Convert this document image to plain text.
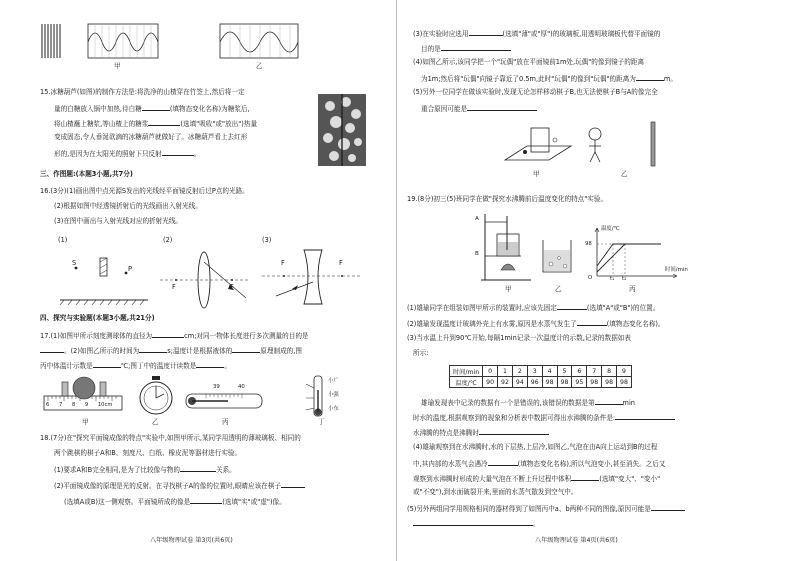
甲	乙
15.冰糖葫芦(如图)的制作方法是:将洗净的山楂穿在竹签上,然后将一定
量的白糖放入锅中加热,待白糖	(填物态变化名称)为糖浆后,
将山楂蘸上糖浆,等山楂上的糖浆	(选填"吸收"或"放出")热量
变成固态,令人垂涎欲滴的冰糖葫芦就做好了。冰糖葫芦看上去红形
形的,是因为在太阳光的照射下只反射	。
三、作图题:(本题3小题,共7分)
16.(3分)(1)画出图中点光源S发出的光线经平面镜反射后过P点的光路。
(2)根据如图中经透镜折射后的光线画出入射光线。
(3)在图中画出与入射光线对应的折射光线。
(1)	(2)	(3)
S
P
F	F
F	F
四、探究与实验题(本题3小题,共21分)
17.(1)如图甲所示刻度测球体的直径为	cm;对同一物体长度进行多次测量的目的是
。(2)如图乙所示的时间为	s;温度计是根据液体的	原理制成的,图
丙中体温计示数是	℃;图丁中的温度计读数是	。
6 7 8 9 10cm
39	40
小广
小强
小东
甲	乙	丙	丁
18.(7分)在"探究平面镜成像的特点"实验中,如图甲所示,某同学用透明的薄玻璃板、相同的
两个跳棋的棋子A和B、刻度尺、白纸、橡皮泥等器材进行实验。
(1)要求A和B完全相同,是为了比较像与物的	关系。
(2)平面镜成像的原理是光的反射。在寻找棋子A的像的位置时,眼睛应该在棋子
(选填A或B)这一侧观察。平面镜所成的像是	(选填"实"或"虚")像。
八年级物理试卷 第3页(共6页)
(3)在实验时应选用	(选填"薄"或"厚")的玻璃板,用透明玻璃板代替平面镜的
目的是
(4)如图乙所示,该同学把一个"玩偶"放在平面镜前1m处,玩偶"的像到镜子的距离
为1m;然后将"玩偶"向镜子靠近了0.5m,此时"玩偶"的像到"玩偶"的距离为	m。
(5)另外一位同学在做该实验时,发现无论怎样移动棋子B,也无法使棋子B与A的像完全
重合原因可能是
甲	乙
19.(8分)初三(5)班同学在做"探究水沸腾前后温度变化的特点"实验。
A
B
温度/℃
98
O	t₁ t₂
时间/min
甲	乙	丙
(1)雄瑜同学在组装如图甲所示的装置时,应该先固定	(选填"A"或"B")的位置。
(2)雄瑜发现温度计玻璃外壳上有水雾,原因是水蒸气发生了	(填物态变化名称)。
(3)当水温上升到90℃开始,每隔1min记录一次温度计的示数,记录的数据如表
所示:
时间/min	0	1	2	3	4	5	6	7	8	9
温度/℃	90	92	94	96	98	98	95	98	98	98
雄瑜发现表中记录的数据有一个是错误的,该错误的数据是第	min
时水的温度,根据观察到的现象和分析表中数据可得出水沸腾的条件是:
水沸腾的特点是沸腾时
(4)雄瑜观察到在水沸腾时,水的下层热,上层冷,如图乙,气泡在由A向上运动到B的过程
中,其内部的水蒸气会遇冷	(填物态变化名称),所以气泡变小,甚至消失。之后又
观察到水沸腾时形成的大量气泡在不断上升过程中体积	(选填"变大"、"变小"
或"不变"),到水面破裂开来,里面的水蒸气散发到空气中。
(5)另外两组同学用规格相同的器材得到了如图丙中a、b两种不同的图像,原因可能是
。
八年级物理试卷 第4页(共6页)
